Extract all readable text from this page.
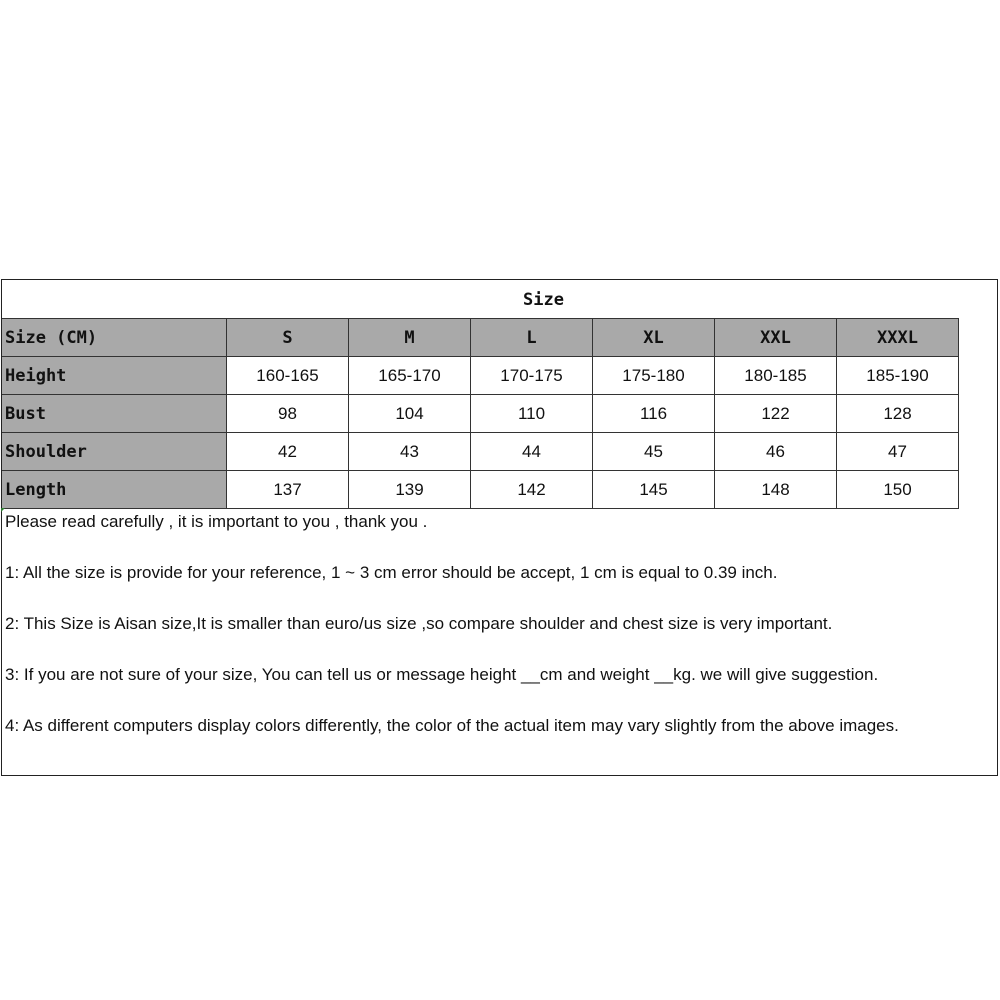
Size
Size (CM)	S	M	L	XL	XXL	XXXL
Height	160-165	165-170	170-175	175-180	180-185	185-190
Bust	98	104	110	116	122	128
Shoulder	42	43	44	45	46	47
Length	137	139	142	145	148	150
Please read carefully , it is important to you , thank you .
1: All the size is provide for your reference, 1 ~ 3 cm error should be accept, 1 cm is equal to 0.39 inch.
2: This Size is Aisan size,It is smaller than euro/us size ,so compare shoulder and chest size is very important.
3: If you are not sure of your size, You can tell us or message height __cm and weight __kg. we will give suggestion.
4: As different computers display colors differently, the color of the actual item may vary slightly from the above images.
